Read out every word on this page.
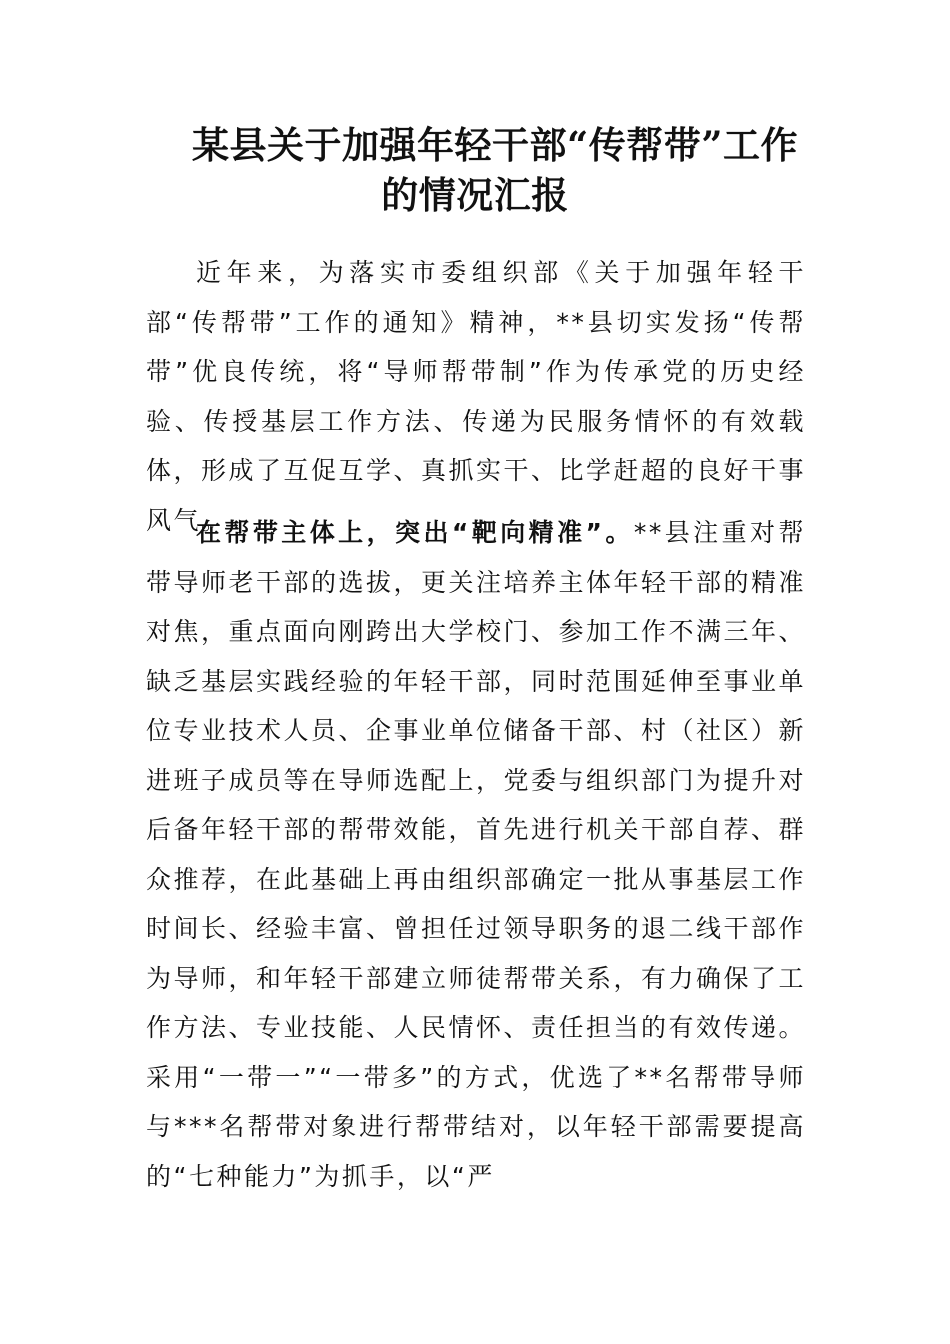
某县关于加强年轻干部“传帮带”工作
的情况汇报
近年来，为落实市委组织部《关于加强年轻干部“传帮带”工作的通知》精神，**县切实发扬“传帮带”优良传统，将“导师帮带制”作为传承党的历史经验、传授基层工作方法、传递为民服务情怀的有效载体，形成了互促互学、真抓实干、比学赶超的良好干事风气。
在帮带主体上，突出“靶向精准”。**县注重对帮带导师老干部的选拔，更关注培养主体年轻干部的精准对焦，重点面向刚跨出大学校门、参加工作不满三年、缺乏基层实践经验的年轻干部，同时范围延伸至事业单位专业技术人员、企事业单位储备干部、村（社区）新进班子成员等在导师选配上，党委与组织部门为提升对后备年轻干部的帮带效能，首先进行机关干部自荐、群众推荐，在此基础上再由组织部确定一批从事基层工作时间长、经验丰富、曾担任过领导职务的退二线干部作为导师，和年轻干部建立师徒帮带关系，有力确保了工作方法、专业技能、人民情怀、责任担当的有效传递。采用“一带一”“一带多”的方式，优选了**名帮带导师与***名帮带对象进行帮带结对，以年轻干部需要提高的“七种能力”为抓手，以“严
